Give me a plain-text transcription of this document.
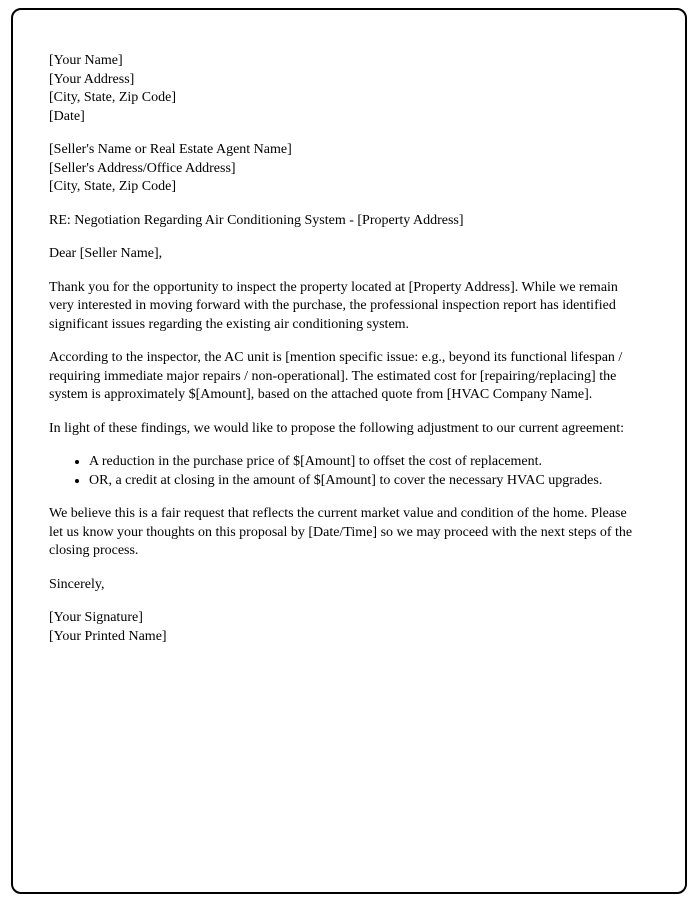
[Your Name]

[Your Address]

[City, State, Zip Code]

[Date]

[Seller's Name or Real Estate Agent Name]

[Seller's Address/Office Address]

[City, State, Zip Code]

RE: Negotiation Regarding Air Conditioning System - [Property Address]

Dear [Seller Name],

Thank you for the opportunity to inspect the property located at [Property Address]. While we remain very interested in moving forward with the purchase, the professional inspection report has identified significant issues regarding the existing air conditioning system.

According to the inspector, the AC unit is [mention specific issue: e.g., beyond its functional lifespan / requiring immediate major repairs / non-operational]. The estimated cost for [repairing/replacing] the system is approximately $[Amount], based on the attached quote from [HVAC Company Name].

In light of these findings, we would like to propose the following adjustment to our current agreement:

• A reduction in the purchase price of $[Amount] to offset the cost of replacement.
• OR, a credit at closing in the amount of $[Amount] to cover the necessary HVAC upgrades.

We believe this is a fair request that reflects the current market value and condition of the home. Please let us know your thoughts on this proposal by [Date/Time] so we may proceed with the next steps of the closing process.

Sincerely,

[Your Signature]

[Your Printed Name]
